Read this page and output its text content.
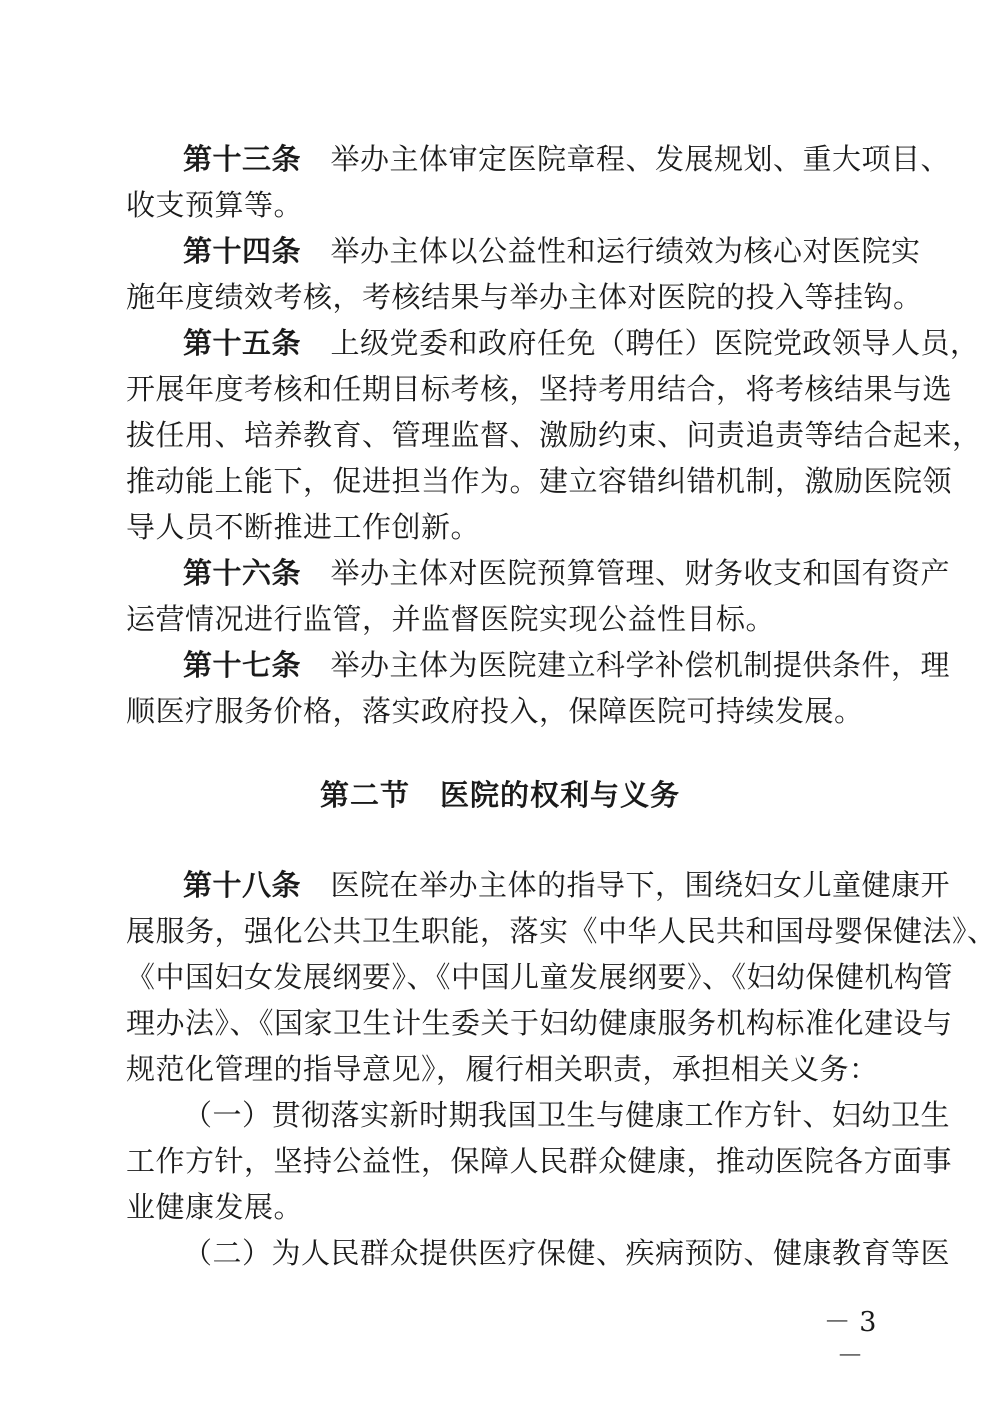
第十三条　 举办主体审定医院章程、发展规划、重大项目、
收支预算等。
第十四条　 举办主体以公益性和运行绩效为核心对医院实
施年度绩效考核，考核结果与举办主体对医院的投入等挂钩。
第十五条　 上级党委和政府任免（聘任）医院党政领导人员，
开展年度考核和任期目标考核，坚持考用结合，将考核结果与选
拔任用、培养教育、管理监督、激励约束、问责追责等结合起来，
推动能上能下，促进担当作为。建立容错纠错机制，激励医院领
导人员不断推进工作创新。
第十六条　 举办主体对医院预算管理、财务收支和国有资产
运营情况进行监管，并监督医院实现公益性目标。
第十七条　 举办主体为医院建立科学补偿机制提供条件，理
顺医疗服务价格，落实政府投入，保障医院可持续发展。
第二节　医院的权利与义务
第十八条　 医院在举办主体的指导下，围绕妇女儿童健康开
展服务，强化公共卫生职能，落实《中华人民共和国母婴保健法》、
《中国妇女发展纲要》、《中国儿童发展纲要》、《妇幼保健机构管
理办法》、《国家卫生计生委关于妇幼健康服务机构标准化建设与
规范化管理的指导意见》，履行相关职责，承担相关义务：
（一）贯彻落实新时期我国卫生与健康工作方针、妇幼卫生
工作方针，坚持公益性，保障人民群众健康，推动医院各方面事
业健康发展。
（二）为人民群众提供医疗保健、疾病预防、健康教育等医
－ 3 －
